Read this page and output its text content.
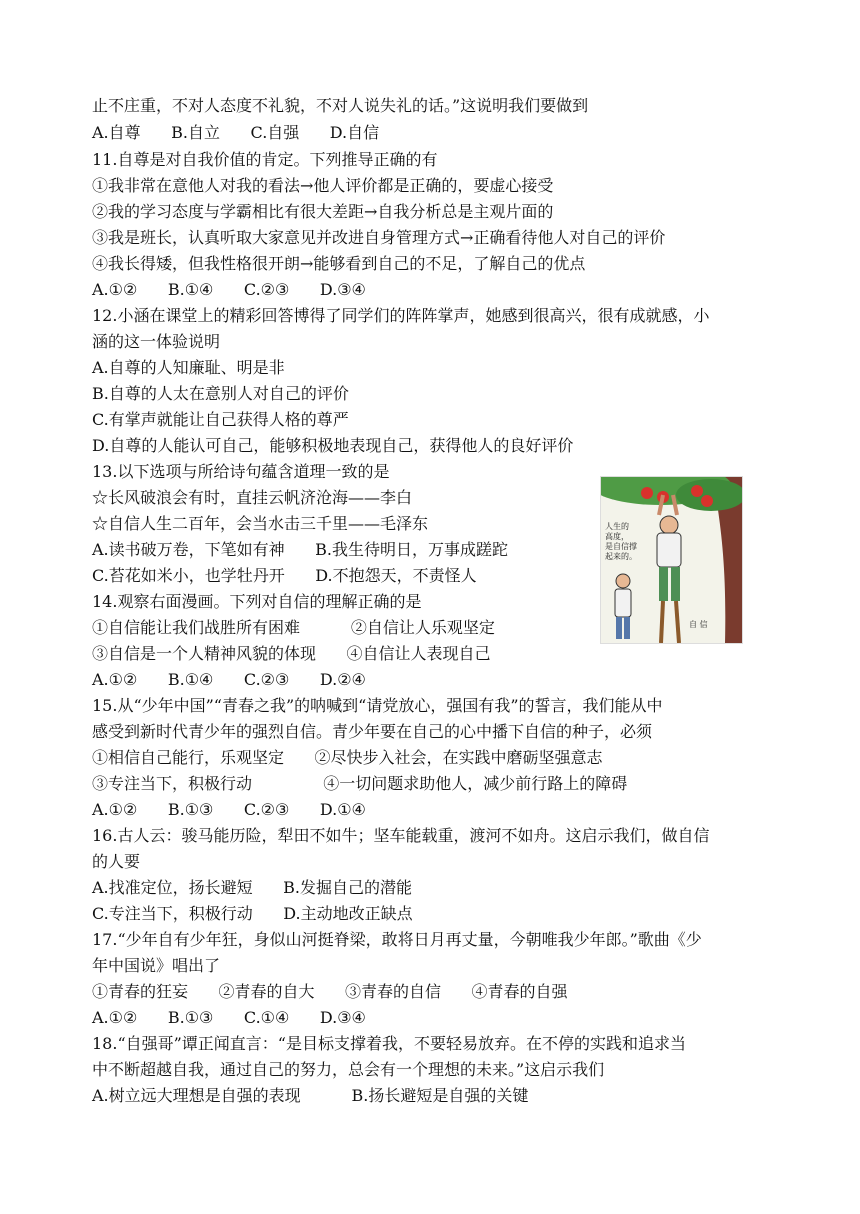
止不庄重，不对人态度不礼貌，不对人说失礼的话。”这说明我们要做到
A.自尊      B.自立      C.自强      D.自信
11.自尊是对自我价值的肯定。下列推导正确的有
①我非常在意他人对我的看法→他人评价都是正确的，要虚心接受
②我的学习态度与学霸相比有很大差距→自我分析总是主观片面的
③我是班长，认真听取大家意见并改进自身管理方式→正确看待他人对自己的评价
④我长得矮，但我性格很开朗→能够看到自己的不足，了解自己的优点
A.①②      B.①④      C.②③      D.③④
12.小涵在课堂上的精彩回答博得了同学们的阵阵掌声，她感到很高兴，很有成就感，小
涵的这一体验说明
A.自尊的人知廉耻、明是非
B.自尊的人太在意别人对自己的评价
C.有掌声就能让自己获得人格的尊严
D.自尊的人能认可自己，能够积极地表现自己，获得他人的良好评价
13.以下选项与所给诗句蕴含道理一致的是
☆长风破浪会有时，直挂云帆济沧海——李白
☆自信人生二百年，会当水击三千里——毛泽东
A.读书破万卷，下笔如有神      B.我生待明日，万事成蹉跎
C.苔花如米小，也学牡丹开      D.不抱怨天，不责怪人
14.观察右面漫画。下列对自信的理解正确的是
①自信能让我们战胜所有困难          ②自信让人乐观坚定
③自信是一个人精神风貌的体现      ④自信让人表现自己
A.①②      B.①④      C.②③      D.②④
15.从“少年中国”“青春之我”的呐喊到“请党放心，强国有我”的誓言，我们能从中
感受到新时代青少年的强烈自信。青少年要在自己的心中播下自信的种子，必须
①相信自己能行，乐观坚定      ②尽快步入社会，在实践中磨砺坚强意志
③专注当下，积极行动              ④一切问题求助他人，减少前行路上的障碍
A.①②      B.①③      C.②③      D.①④
16.古人云：骏马能历险，犁田不如牛；坚车能载重，渡河不如舟。这启示我们，做自信
的人要
A.找准定位，扬长避短      B.发掘自己的潜能
C.专注当下，积极行动      D.主动地改正缺点
17.“少年自有少年狂，身似山河挺脊梁，敢将日月再丈量，今朝唯我少年郎。”歌曲《少
年中国说》唱出了
①青春的狂妄      ②青春的自大      ③青春的自信      ④青春的自强
A.①②      B.①③      C.①④      D.③④
18.“自强哥”谭正闻直言：“是目标支撑着我，不要轻易放弃。在不停的实践和追求当
中不断超越自我，通过自己的努力，总会有一个理想的未来。”这启示我们
A.树立远大理想是自强的表现          B.扬长避短是自强的关键
人生的
高度，
是自信撑
起来的。
自 信
